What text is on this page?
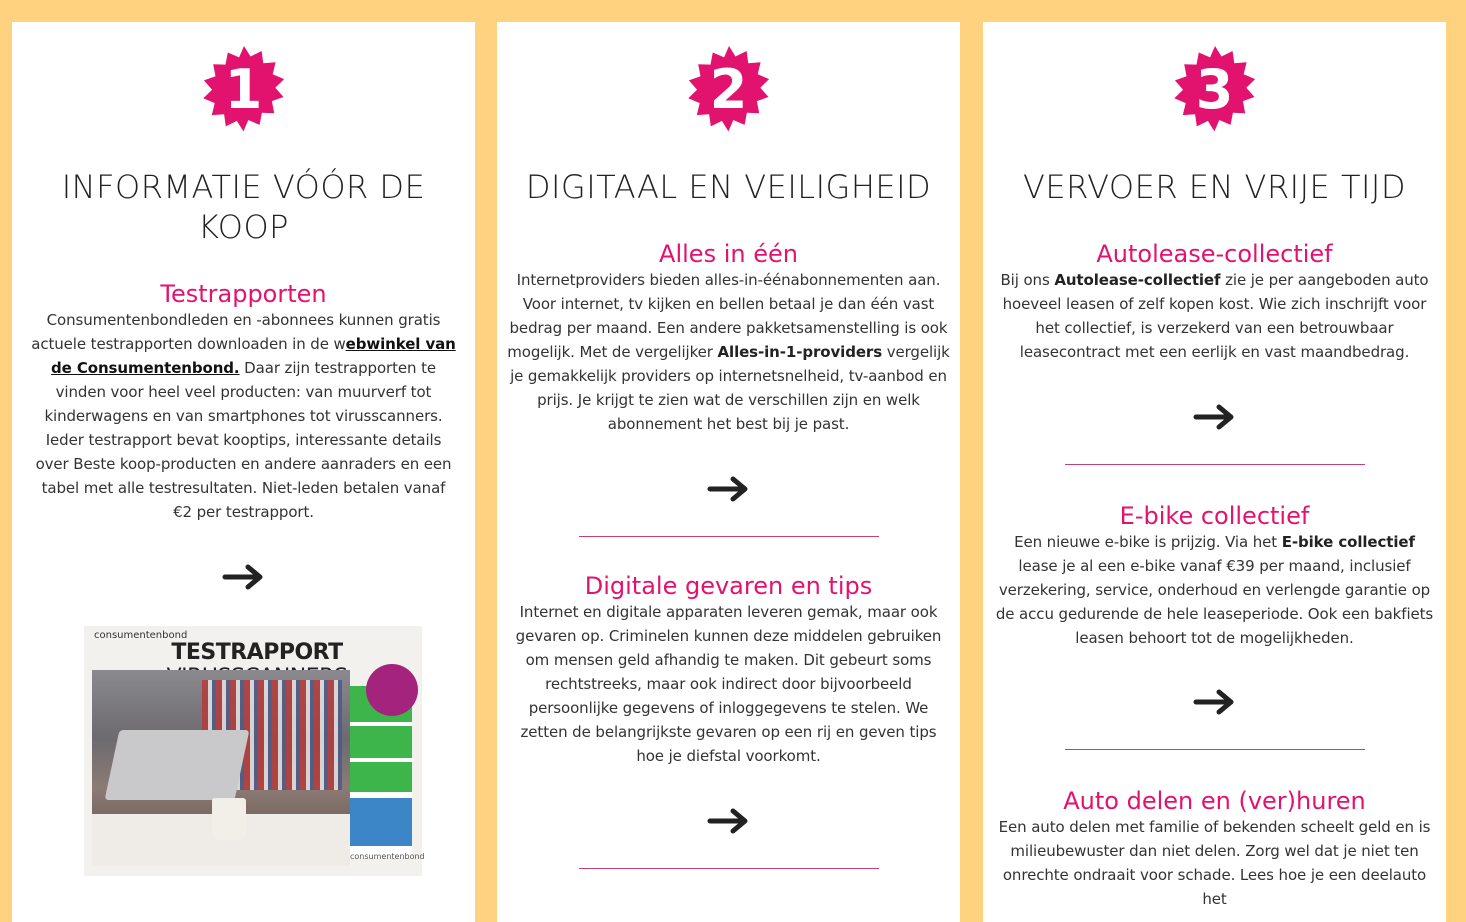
1
INFORMATIE VÓÓR DE KOOP
Testrapporten
Consumentenbondleden en -abonnees kunnen gratis actuele testrapporten downloaden in de webwinkel van de Consumentenbond. Daar zijn testrapporten te vinden voor heel veel producten: van muurverf tot kinderwagens en van smartphones tot virusscanners. Ieder testrapport bevat kooptips, interessante details over Beste koop-producten en andere aanraders en een tabel met alle testresultaten. Niet-leden betalen vanaf €2 per testrapport.
consumentenbond
TESTRAPPORT
consumentenbond
2
DIGITAAL EN VEILIGHEID
Alles in één
Internetproviders bieden alles-in-éénabonnementen aan. Voor internet, tv kijken en bellen betaal je dan één vast bedrag per maand. Een andere pakketsamenstelling is ook mogelijk. Met de vergelijker Alles-in-1-providers vergelijk je gemakkelijk providers op internetsnelheid, tv-aanbod en prijs. Je krijgt te zien wat de verschillen zijn en welk abonnement het best bij je past.
Digitale gevaren en tips
Internet en digitale apparaten leveren gemak, maar ook gevaren op. Criminelen kunnen deze middelen gebruiken om mensen geld afhandig te maken. Dit gebeurt soms rechtstreeks, maar ook indirect door bijvoorbeeld persoonlijke gegevens of inloggegevens te stelen. We zetten de belangrijkste gevaren op een rij en geven tips hoe je diefstal voorkomt.
3
VERVOER EN VRIJE TIJD
Autolease-collectief
Bij ons Autolease-collectief zie je per aangeboden auto hoeveel leasen of zelf kopen kost. Wie zich inschrijft voor het collectief, is verzekerd van een betrouwbaar leasecontract met een eerlijk en vast maandbedrag.
E-bike collectief
Een nieuwe e-bike is prijzig. Via het E-bike collectief lease je al een e-bike vanaf €39 per maand, inclusief verzekering, service, onderhoud en verlengde garantie op de accu gedurende de hele leaseperiode. Ook een bakfiets leasen behoort tot de mogelijkheden.
Auto delen en (ver)huren
Een auto delen met familie of bekenden scheelt geld en is milieubewuster dan niet delen. Zorg wel dat je niet ten onrechte ondraait voor schade. Lees hoe je een deelauto het
